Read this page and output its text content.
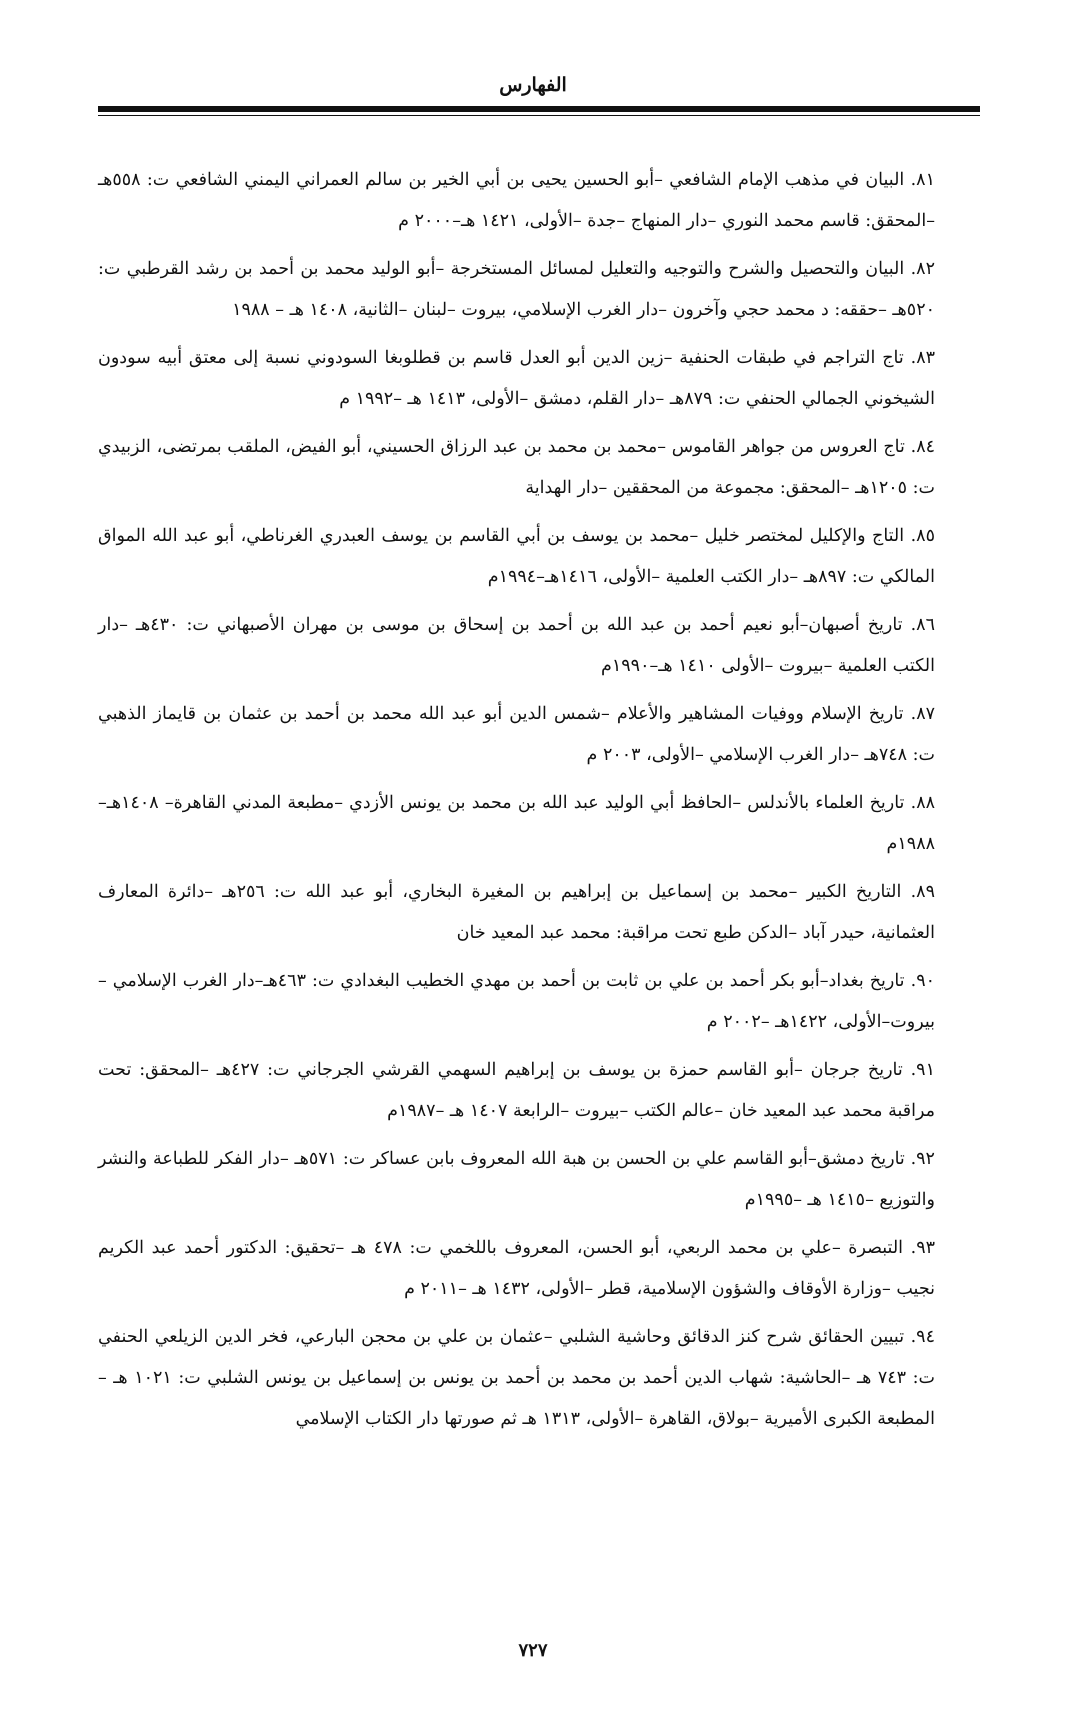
الفهارس
٨١. البيان في مذهب الإمام الشافعي –أبو الحسين يحيى بن أبي الخير بن سالم العمراني اليمني الشافعي ت: ٥٥٨هـ –المحقق: قاسم محمد النوري –دار المنهاج –جدة –الأولى، ١٤٢١ هـ–٢٠٠٠ م
٨٢. البيان والتحصيل والشرح والتوجيه والتعليل لمسائل المستخرجة –أبو الوليد محمد بن أحمد بن رشد القرطبي ت: ٥٢٠هـ –حققه: د محمد حجي وآخرون –دار الغرب الإسلامي، بيروت –لبنان –الثانية، ١٤٠٨ هـ – ١٩٨٨
٨٣. تاج التراجم في طبقات الحنفية –زين الدين أبو العدل قاسم بن قطلوبغا السودوني نسبة إلى معتق أبيه سودون الشيخوني الجمالي الحنفي ت: ٨٧٩هـ –دار القلم، دمشق –الأولى، ١٤١٣ هـ –١٩٩٢ م
٨٤. تاج العروس من جواهر القاموس –محمد بن محمد بن عبد الرزاق الحسيني، أبو الفيض، الملقب بمرتضى، الزبيدي ت: ١٢٠٥هـ –المحقق: مجموعة من المحققين –دار الهداية
٨٥. التاج والإكليل لمختصر خليل –محمد بن يوسف بن أبي القاسم بن يوسف العبدري الغرناطي، أبو عبد الله المواق المالكي ت: ٨٩٧هـ –دار الكتب العلمية –الأولى، ١٤١٦هـ–١٩٩٤م
٨٦. تاريخ أصبهان–أبو نعيم أحمد بن عبد الله بن أحمد بن إسحاق بن موسى بن مهران الأصبهاني ت: ٤٣٠هـ –دار الكتب العلمية –بيروت –الأولى ١٤١٠ هـ–١٩٩٠م
٨٧. تاريخ الإسلام ووفيات المشاهير والأعلام –شمس الدين أبو عبد الله محمد بن أحمد بن عثمان بن قايماز الذهبي ت: ٧٤٨هـ –دار الغرب الإسلامي –الأولى، ٢٠٠٣ م
٨٨. تاريخ العلماء بالأندلس –الحافظ أبي الوليد عبد الله بن محمد بن يونس الأزدي –مطبعة المدني القاهرة– ١٤٠٨هـ–١٩٨٨م
٨٩. التاريخ الكبير –محمد بن إسماعيل بن إبراهيم بن المغيرة البخاري، أبو عبد الله ت: ٢٥٦هـ –دائرة المعارف العثمانية، حيدر آباد –الدكن طبع تحت مراقبة: محمد عبد المعيد خان
٩٠. تاريخ بغداد–أبو بكر أحمد بن علي بن ثابت بن أحمد بن مهدي الخطيب البغدادي ت: ٤٦٣هـ–دار الغرب الإسلامي –بيروت–الأولى، ١٤٢٢هـ –٢٠٠٢ م
٩١. تاريخ جرجان –أبو القاسم حمزة بن يوسف بن إبراهيم السهمي القرشي الجرجاني ت: ٤٢٧هـ –المحقق: تحت مراقبة محمد عبد المعيد خان –عالم الكتب –بيروت –الرابعة ١٤٠٧ هـ –١٩٨٧م
٩٢. تاريخ دمشق–أبو القاسم علي بن الحسن بن هبة الله المعروف بابن عساكر ت: ٥٧١هـ –دار الفكر للطباعة والنشر والتوزيع –١٤١٥ هـ –١٩٩٥م
٩٣. التبصرة –علي بن محمد الربعي، أبو الحسن، المعروف باللخمي ت: ٤٧٨ هـ –تحقيق: الدكتور أحمد عبد الكريم نجيب –وزارة الأوقاف والشؤون الإسلامية، قطر –الأولى، ١٤٣٢ هـ –٢٠١١ م
٩٤. تبيين الحقائق شرح كنز الدقائق وحاشية الشلبي –عثمان بن علي بن محجن البارعي، فخر الدين الزيلعي الحنفي ت: ٧٤٣ هـ –الحاشية: شهاب الدين أحمد بن محمد بن أحمد بن يونس بن إسماعيل بن يونس الشلبي ت: ١٠٢١ هـ –المطبعة الكبرى الأميرية –بولاق، القاهرة –الأولى، ١٣١٣ هـ ثم صورتها دار الكتاب الإسلامي
٧٢٧
